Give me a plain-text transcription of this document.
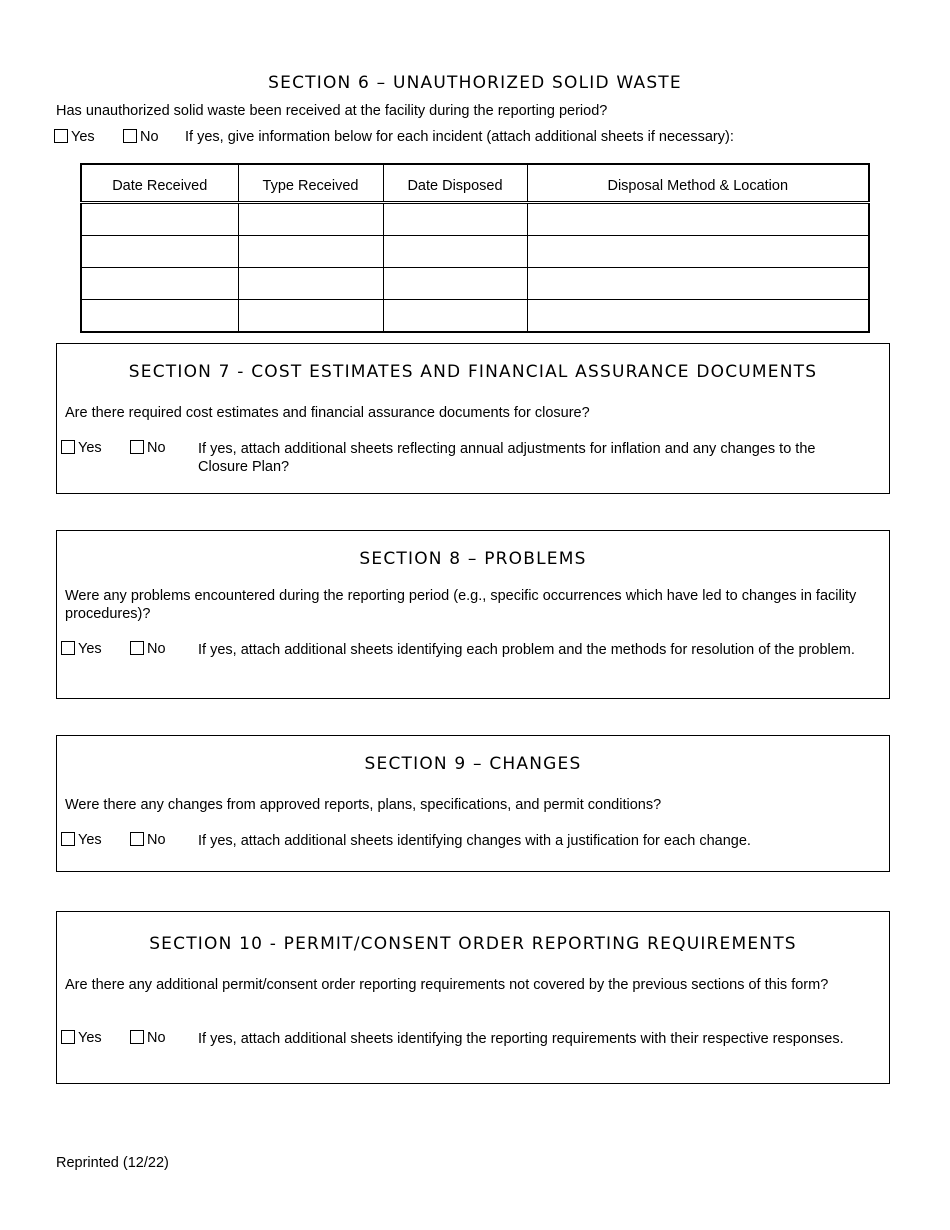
SECTION 6 – UNAUTHORIZED SOLID WASTE
Has unauthorized solid waste been received at the facility during the reporting period?
Yes	No If yes, give information below for each incident (attach additional sheets if necessary):
Date Received	Type Received	Date Disposed	Disposal Method & Location

SECTION 7 - COST ESTIMATES AND FINANCIAL ASSURANCE DOCUMENTS
Are there required cost estimates and financial assurance documents for closure?
Yes	No If yes, attach additional sheets reflecting annual adjustments for inflation and any changes to the Closure Plan?
SECTION 8 – PROBLEMS
Were any problems encountered during the reporting period (e.g., specific occurrences which have led to changes in facility procedures)?
Yes	No If yes, attach additional sheets identifying each problem and the methods for resolution of the problem.
SECTION 9 – CHANGES
Were there any changes from approved reports, plans, specifications, and permit conditions?
Yes	No If yes, attach additional sheets identifying changes with a justification for each change.
SECTION 10 - PERMIT/CONSENT ORDER REPORTING REQUIREMENTS
Are there any additional permit/consent order reporting requirements not covered by the previous sections of this form?
Yes	No If yes, attach additional sheets identifying the reporting requirements with their respective responses.
Reprinted (12/22)
